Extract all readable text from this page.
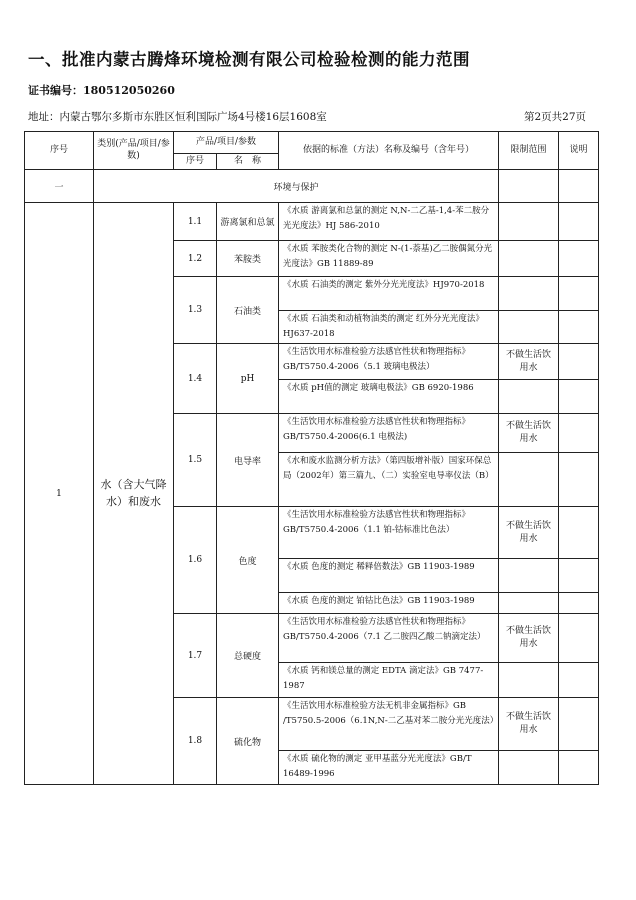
一、批准内蒙古腾烽环境检测有限公司检验检测的能力范围
证书编号：180512050260
地址：内蒙古鄂尔多斯市东胜区恒利国际广场4号楼16层1608室	第2页共27页
序号	类别(产品/项目/参数)	产品/项目/参数		依据的标准（方法）名称及编号（含年号）	限制范围	说明
		序号	名　称			
一	环境与保护					
1	水（含大气降水）和废水	1.1	游离氯和总氯	《水质 游离氯和总氯的测定 N,N-二乙基-1,4-苯二胺分光光度法》HJ 586-2010		
		1.2	苯胺类	《水质 苯胺类化合物的测定 N-(1-萘基)乙二胺偶氮分光光度法》GB 11889-89		
		1.3	石油类	《水质 石油类的测定 紫外分光光度法》HJ970-2018		
				《水质 石油类和动植物油类的测定 红外分光光度法》HJ637-2018		
		1.4	pH	《生活饮用水标准检验方法感官性状和物理指标》GB/T5750.4-2006（5.1 玻璃电极法）	不做生活饮用水	
				《水质 pH值的测定 玻璃电极法》GB 6920-1986		
		1.5	电导率	《生活饮用水标准检验方法感官性状和物理指标》GB/T5750.4-2006(6.1 电极法)	不做生活饮用水	
				《水和废水监测分析方法》（第四版增补版）国家环保总局（2002年）第三篇九、（二）实验室电导率仪法（B）		
		1.6	色度	《生活饮用水标准检验方法感官性状和物理指标》GB/T5750.4-2006（1.1 铂-钴标准比色法）	不做生活饮用水	
				《水质 色度的测定 稀释倍数法》GB 11903-1989		
				《水质 色度的测定 铂钴比色法》GB 11903-1989		
		1.7	总硬度	《生活饮用水标准检验方法感官性状和物理指标》GB/T5750.4-2006（7.1 乙二胺四乙酸二钠滴定法）	不做生活饮用水	
				《水质 钙和镁总量的测定 EDTA 滴定法》GB 7477-1987		
		1.8	硫化物	《生活饮用水标准检验方法无机非金属指标》GB /T5750.5-2006（6.1N,N-二乙基对苯二胺分光光度法）	不做生活饮用水	
				《水质 硫化物的测定 亚甲基蓝分光光度法》GB/T 16489-1996		
